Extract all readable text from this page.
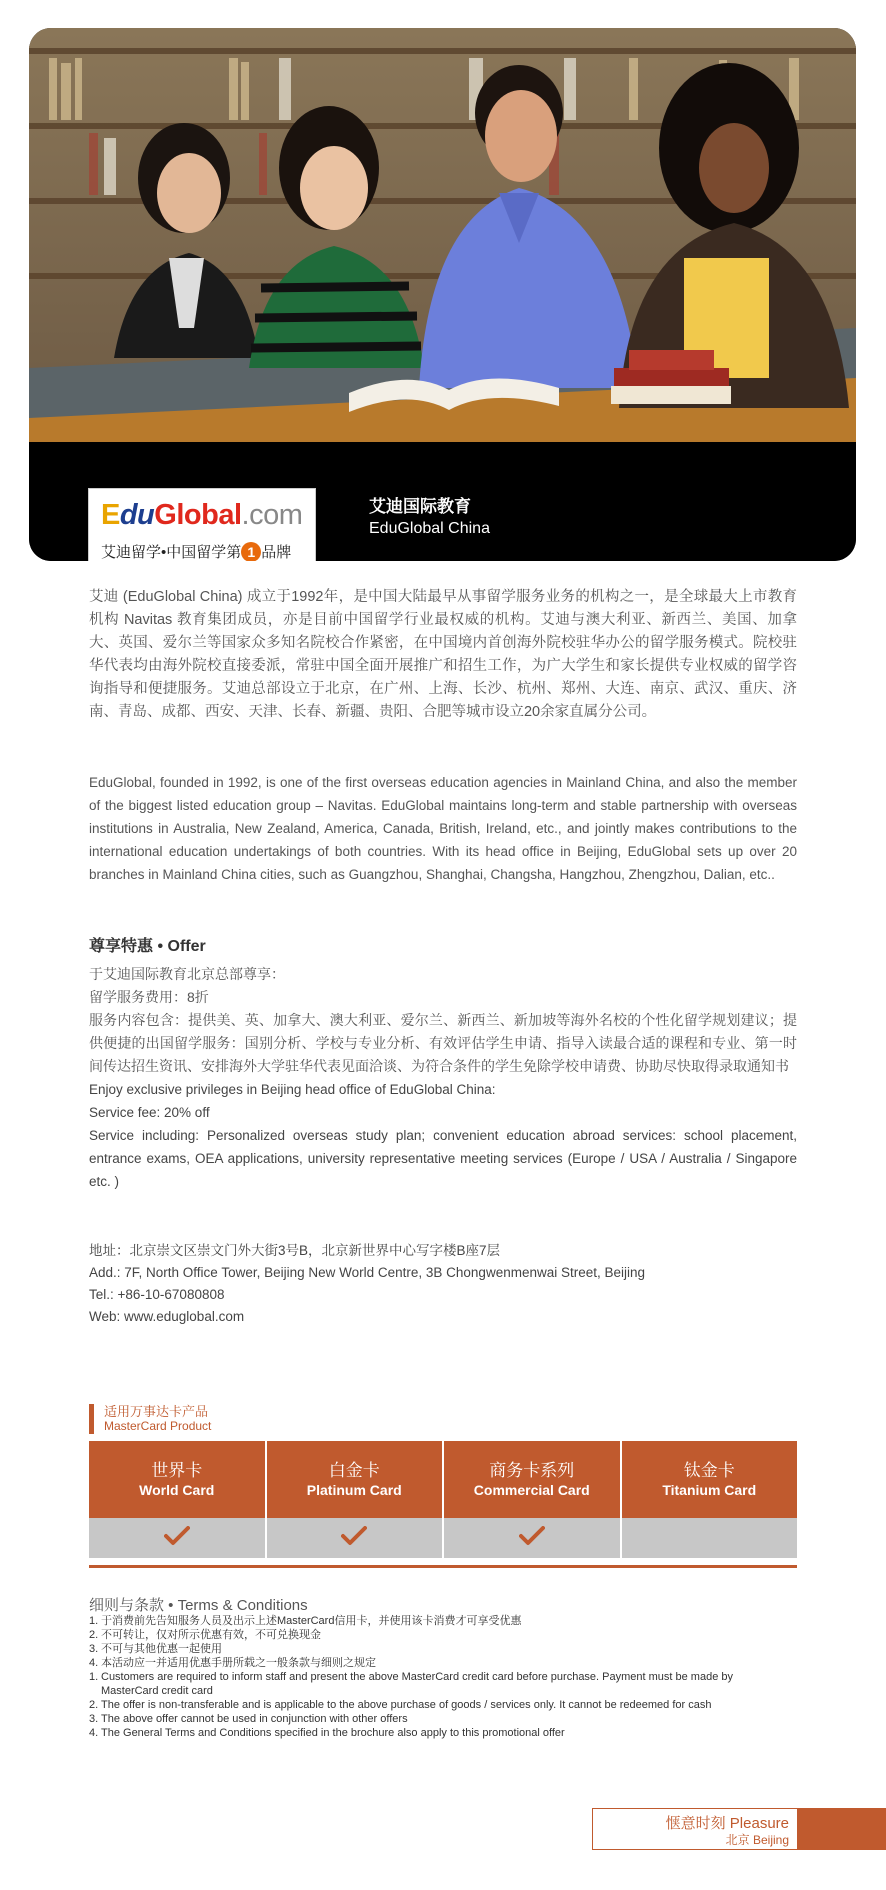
EduGlobal.com
艾迪留学•中国留学第 1 品牌
艾迪国际教育
EduGlobal China

艾迪 (EduGlobal China) 成立于1992年，是中国大陆最早从事留学服务业务的机构之一，是全球最大上市教育机构 Navitas 教育集团成员，亦是目前中国留学行业最权威的机构。艾迪与澳大利亚、新西兰、美国、加拿大、英国、爱尔兰等国家众多知名院校合作紧密，在中国境内首创海外院校驻华办公的留学服务模式。院校驻华代表均由海外院校直接委派，常驻中国全面开展推广和招生工作，为广大学生和家长提供专业权威的留学咨询指导和便捷服务。艾迪总部设立于北京，在广州、上海、长沙、杭州、郑州、大连、南京、武汉、重庆、济南、青岛、成都、西安、天津、长春、新疆、贵阳、合肥等城市设立20余家直属分公司。

EduGlobal, founded in 1992, is one of the first overseas education agencies in Mainland China, and also the member of the biggest listed education group – Navitas. EduGlobal maintains long-term and stable partnership with overseas institutions in Australia, New Zealand, America, Canada, British, Ireland, etc., and jointly makes contributions to the international education undertakings of both countries. With its head office in Beijing, EduGlobal sets up over 20 branches in Mainland China cities, such as Guangzhou, Shanghai, Changsha, Hangzhou, Zhengzhou, Dalian, etc..

尊享特惠 • Offer
于艾迪国际教育北京总部尊享：
留学服务费用：8折
服务内容包含：提供美、英、加拿大、澳大利亚、爱尔兰、新西兰、新加坡等海外名校的个性化留学规划建议；提供便捷的出国留学服务：国别分析、学校与专业分析、有效评估学生申请、指导入读最合适的课程和专业、第一时间传达招生资讯、安排海外大学驻华代表见面洽谈、为符合条件的学生免除学校申请费、协助尽快取得录取通知书
Enjoy exclusive privileges in Beijing head office of EduGlobal China:
Service fee: 20% off
Service including: Personalized overseas study plan; convenient education abroad services: school placement, entrance exams, OEA applications, university representative meeting services (Europe / USA / Australia / Singapore etc. )
地址：北京崇文区崇文门外大街3号B，北京新世界中心写字楼B座7层
Add.: 7F, North Office Tower, Beijing New World Centre, 3B Chongwenmenwai Street, Beijing
Tel.: +86-10-67080808
Web: www.eduglobal.com
适用万事达卡产品
MasterCard Product
世界卡
World Card
白金卡
Platinum Card
商务卡系列
Commercial Card
钛金卡
Titanium Card
细则与条款 • Terms & Conditions
1. 于消费前先告知服务人员及出示上述MasterCard信用卡，并使用该卡消费才可享受优惠
2. 不可转让，仅对所示优惠有效，不可兑换现金
3. 不可与其他优惠一起使用
4. 本活动应一并适用优惠手册所载之一般条款与细则之规定
1. Customers are required to inform staff and present the above MasterCard credit card before purchase. Payment must be made by MasterCard credit card
2. The offer is non-transferable and is applicable to the above purchase of goods / services only. It cannot be redeemed for cash
3. The above offer cannot be used in conjunction with other offers
4. The General Terms and Conditions specified in the brochure also apply to this promotional offer
惬意时刻 Pleasure
北京 Beijing
